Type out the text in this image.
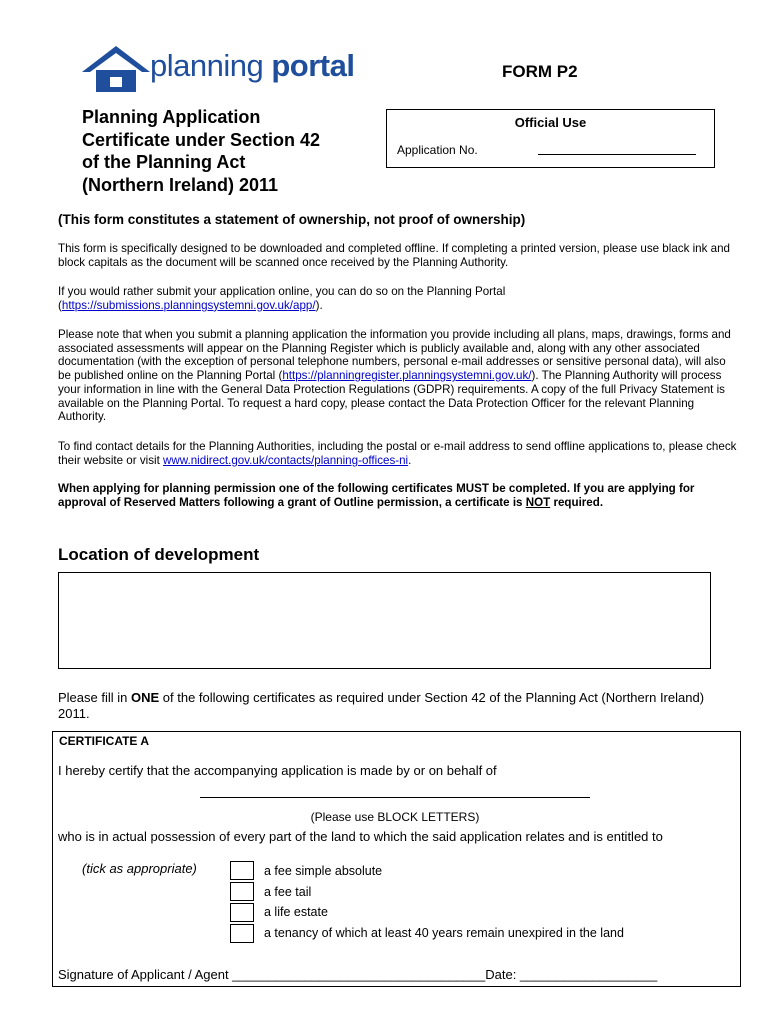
planning portal	FORM P2
Planning Application
Certificate under Section 42
of the Planning Act
(Northern Ireland) 2011
Official Use
Application No.
(This form constitutes a statement of ownership, not proof of ownership)
This form is specifically designed to be downloaded and completed offline. If completing a printed version, please use black ink and block capitals as the document will be scanned once received by the Planning Authority.
If you would rather submit your application online, you can do so on the Planning Portal (https://submissions.planningsystemni.gov.uk/app/).
Please note that when you submit a planning application the information you provide including all plans, maps, drawings, forms and associated assessments will appear on the Planning Register which is publicly available and, along with any other associated documentation (with the exception of personal telephone numbers, personal e-mail addresses or sensitive personal data), will also be published online on the Planning Portal (https://planningregister.planningsystemni.gov.uk/). The Planning Authority will process your information in line with the General Data Protection Regulations (GDPR) requirements. A copy of the full Privacy Statement is available on the Planning Portal. To request a hard copy, please contact the Data Protection Officer for the relevant Planning Authority.
To find contact details for the Planning Authorities, including the postal or e-mail address to send offline applications to, please check their website or visit www.nidirect.gov.uk/contacts/planning-offices-ni.
When applying for planning permission one of the following certificates MUST be completed. If you are applying for approval of Reserved Matters following a grant of Outline permission, a certificate is NOT required.
Location of development
Please fill in ONE of the following certificates as required under Section 42 of the Planning Act (Northern Ireland) 2011.
CERTIFICATE A
I hereby certify that the accompanying application is made by or on behalf of
(Please use BLOCK LETTERS)
who is in actual possession of every part of the land to which the said application relates and is entitled to
(tick as appropriate)	a fee simple absolute
a fee tail
a life estate
a tenancy of which at least 40 years remain unexpired in the land
Signature of Applicant / Agent ___________________________________Date: ___________________
